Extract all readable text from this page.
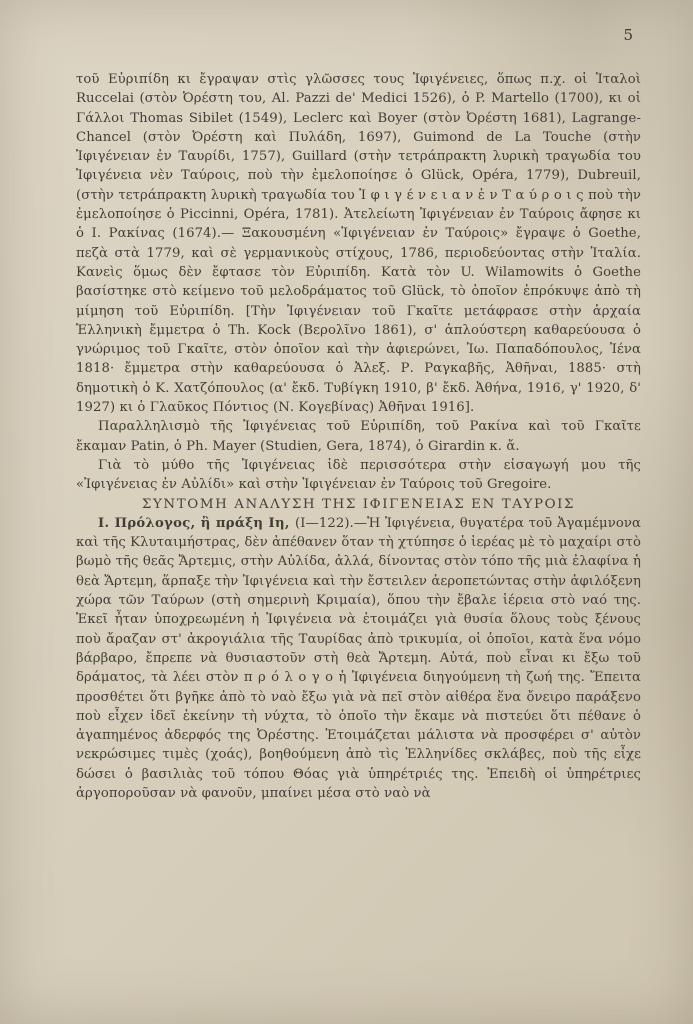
5

τοῦ Εὐριπίδη κι ἔγραψαν στὶς γλῶσσες τους Ἰφιγένειες, ὅπως π.χ. οἱ Ἰταλοὶ Ruccelai (στὸν Ὀρέστη του, Al. Pazzi de' Medici 1526), ὁ P. Martello (1700), κι οἱ Γάλλοι Thomas Sibilet (1549), Leclerc καὶ Boyer (στὸν Ὀρέστη 1681), Lagrange-Chancel (στὸν Ὀρέστη καὶ Πυλάδη, 1697), Guimond de La Touche (στὴν Ἰφιγένειαν ἐν Ταυρίδι, 1757), Guillard (στὴν τετράπρακτη λυρικὴ τραγωδία του Ἰφιγένεια νὲν Ταύροις, ποὺ τὴν ἐμελοποίησε ὁ Glück, Opéra, 1779), Dubreuil, (στὴν τετράπρακτη λυρικὴ τραγωδία του Ἰ φ ι γ έ ν ε ι α ν ἐ ν Τ α ύ ρ ο ι ς ποὺ τὴν ἐμελοποίησε ὁ Piccinni, Opéra, 1781). Ἀτελείωτη Ἰφιγένειαν ἐν Ταύροις ἄφησε κι ὁ Ι. Ρακίνας (1674).— Ξακουσμένη «Ἰφιγένειαν ἐν Ταύροις» ἔγραψε ὁ Goethe, πεζὰ στὰ 1779, καὶ σὲ γερμανικοὺς στίχους, 1786, περιοδεύοντας στὴν Ἰταλία. Κανεὶς ὅμως δὲν ἔφτασε τὸν Εὐριπίδη. Κατὰ τὸν U. Wilamowits ὁ Goethe βασίστηκε στὸ κείμενο τοῦ μελοδράματος τοῦ Glück, τὸ ὁποῖον ἐπρόκυψε ἀπὸ τὴ μίμηση τοῦ Εὐριπίδη. [Τὴν Ἰφιγένειαν τοῦ Γκαῖτε μετάφρασε στὴν ἀρχαία Ἑλληνικὴ ἔμμετρα ὁ Th. Kock (Βερολῖνο 1861), σ' ἁπλούστερη καθαρεύουσα ὁ γνώριμος τοῦ Γκαῖτε, στὸν ὁποῖον καὶ τὴν ἀφιερώνει, Ἰω. Παπαδόπουλος, Ἰένα 1818· ἔμμετρα στὴν καθαρεύουσα ὁ Ἀλεξ. Ρ. Ραγκαβῆς, Ἀθῆναι, 1885· στὴ δημοτικὴ ὁ Κ. Χατζόπουλος (α' ἔκδ. Τυβίγκη 1910, β' ἔκδ. Ἀθήνα, 1916, γ' 1920, δ' 1927) κι ὁ Γλαῦκος Πόντιος (Ν. Κογεβίνας) Ἀθῆναι 1916].

Παραλληλισμὸ τῆς Ἰφιγένειας τοῦ Εὐριπίδη, τοῦ Ρακίνα καὶ τοῦ Γκαῖτε ἔκαμαν Patin, ὁ Ph. Mayer (Studien, Gera, 1874), ὁ Girardin κ. ἄ.

Γιὰ τὸ μύθο τῆς Ἰφιγένειας ἰδὲ περισσότερα στὴν εἰσαγωγή μου τῆς «Ἰφιγένειας ἐν Αὐλίδι» καὶ στὴν Ἰφιγένειαν ἐν Ταύροις τοῦ Gregoire.

ΣΥΝΤΟΜΗ ΑΝΑΛΥΣΗ ΤΗΣ ΙΦΙΓΕΝΕΙΑΣ ΕΝ ΤΑΥΡΟΙΣ

Ι. Πρόλογος, ἢ πράξη Ιη, (Ι—122).—Ἡ Ἰφιγένεια, θυγατέρα τοῦ Ἀγαμέμνονα καὶ τῆς Κλυταιμήστρας, δὲν ἀπέθανεν ὅταν τὴ χτύπησε ὁ ἱερέας μὲ τὸ μαχαίρι στὸ βωμὸ τῆς θεᾶς Ἄρτεμις, στὴν Αὐλίδα, ἀλλά, δίνοντας στὸν τόπο τῆς μιὰ ἐλαφίνα ἡ θεὰ Ἄρτεμη, ἅρπαξε τὴν Ἰφιγένεια καὶ τὴν ἔστειλεν ἀεροπετώντας στὴν ἀφιλόξενη χώρα τῶν Ταύρων (στὴ σημερινὴ Κριμαία), ὅπου τὴν ἔβαλε ἱέρεια στὸ ναό της. Ἐκεῖ ἦταν ὑποχρεωμένη ἡ Ἰφιγένεια νὰ ἑτοιμάζει γιὰ θυσία ὅλους τοὺς ξένους ποὺ ἄραζαν στ' ἀκρογιάλια τῆς Ταυρίδας ἀπὸ τρικυμία, οἱ ὁποῖοι, κατὰ ἕνα νόμο βάρβαρο, ἔπρεπε νὰ θυσιαστοῦν στὴ θεὰ Ἄρτεμη. Αὐτά, ποὺ εἶναι κι ἔξω τοῦ δράματος, τὰ λέει στὸν π ρ ό λ ο γ ο ἡ Ἰφιγένεια διηγούμενη τὴ ζωή της. Ἔπειτα προσθέτει ὅτι βγῆκε ἀπὸ τὸ ναὸ ἔξω γιὰ νὰ πεῖ στὸν αἰθέρα ἕνα ὄνειρο παράξενο ποὺ εἶχεν ἰδεῖ ἐκείνην τὴ νύχτα, τὸ ὁποῖο τὴν ἔκαμε νὰ πιστεύει ὅτι πέθανε ὁ ἀγαπημένος ἀδερφός της Ὀρέστης. Ἑτοιμάζεται μάλιστα νὰ προσφέρει σ' αὐτὸν νεκρώσιμες τιμὲς (χοάς), βοηθούμενη ἀπὸ τὶς Ἑλληνίδες σκλάβες, ποὺ τῆς εἶχε δώσει ὁ βασιλιὰς τοῦ τόπου Θόας γιὰ ὑπηρέτριές της. Ἐπειδὴ οἱ ὑπηρέτριες ἀργοποροῦσαν νὰ φανοῦν, μπαίνει μέσα στὸ ναὸ νὰ
